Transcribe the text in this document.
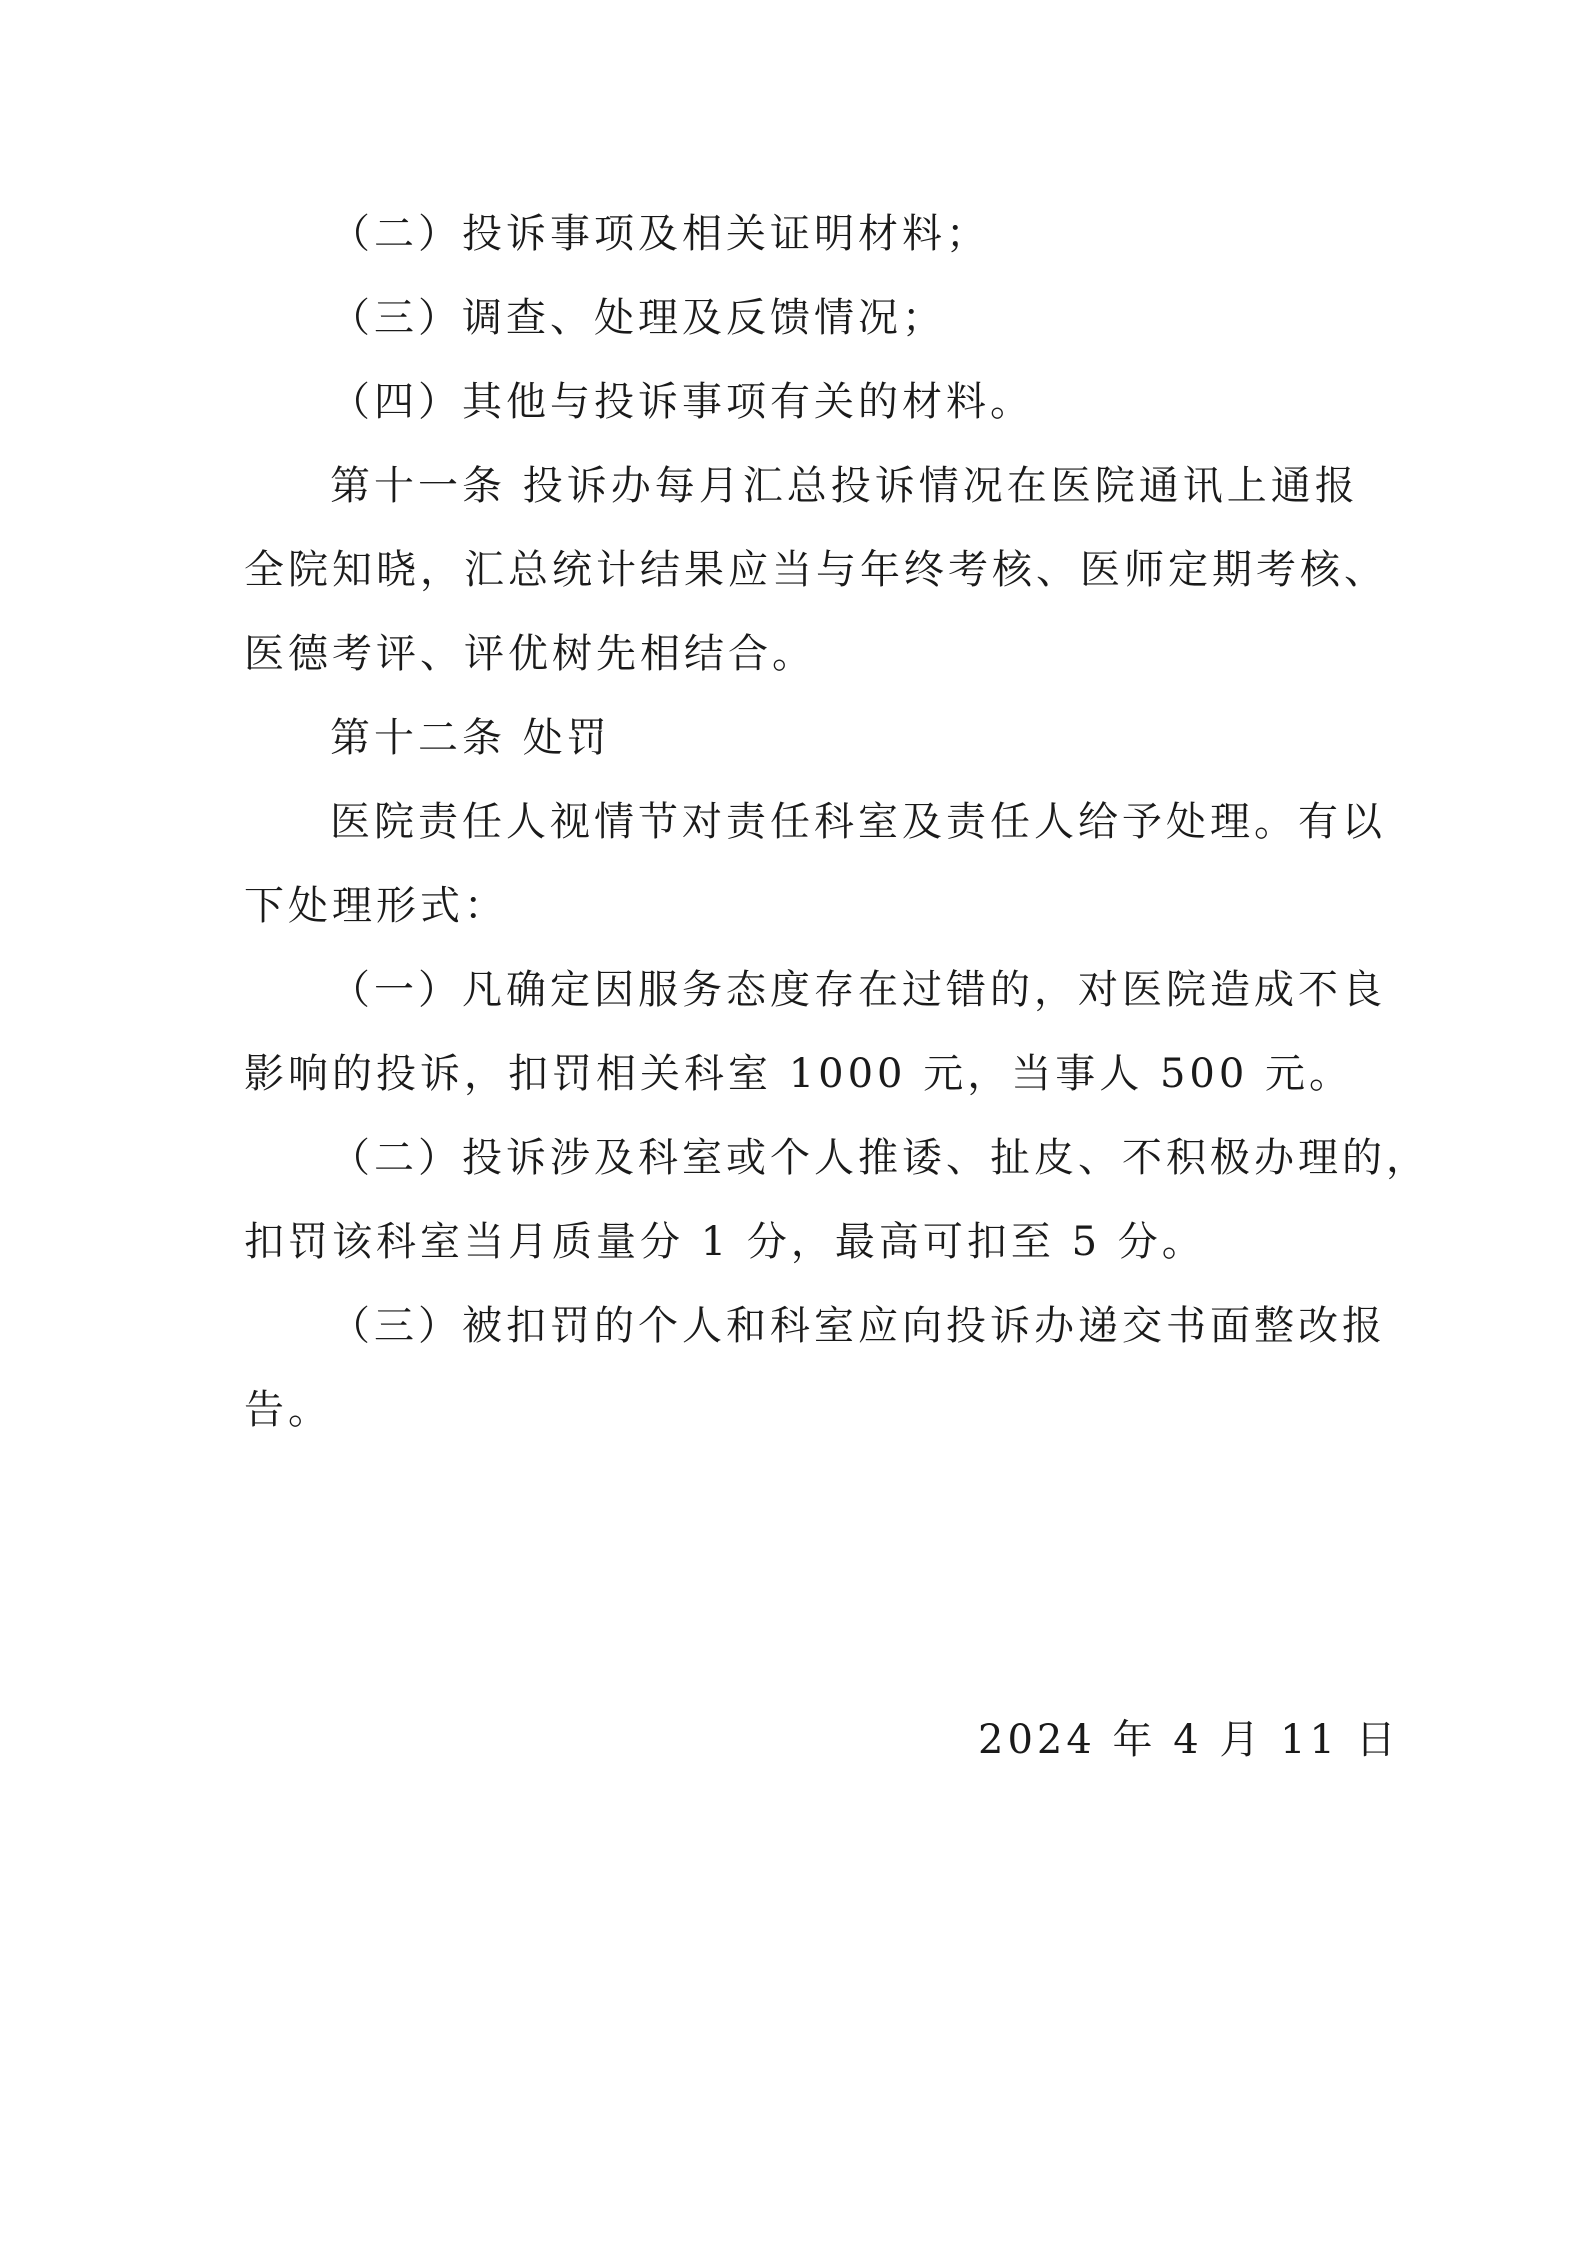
（二）投诉事项及相关证明材料；
（三）调查、处理及反馈情况；
（四）其他与投诉事项有关的材料。
第十一条 投诉办每月汇总投诉情况在医院通讯上通报
全院知晓，汇总统计结果应当与年终考核、医师定期考核、
医德考评、评优树先相结合。
第十二条 处罚
医院责任人视情节对责任科室及责任人给予处理。有以
下处理形式：
（一）凡确定因服务态度存在过错的，对医院造成不良
影响的投诉，扣罚相关科室 1000 元，当事人 500 元。
（二）投诉涉及科室或个人推诿、扯皮、不积极办理的，
扣罚该科室当月质量分 1 分，最高可扣至 5 分。
（三）被扣罚的个人和科室应向投诉办递交书面整改报
告。
2024 年 4 月 11 日
